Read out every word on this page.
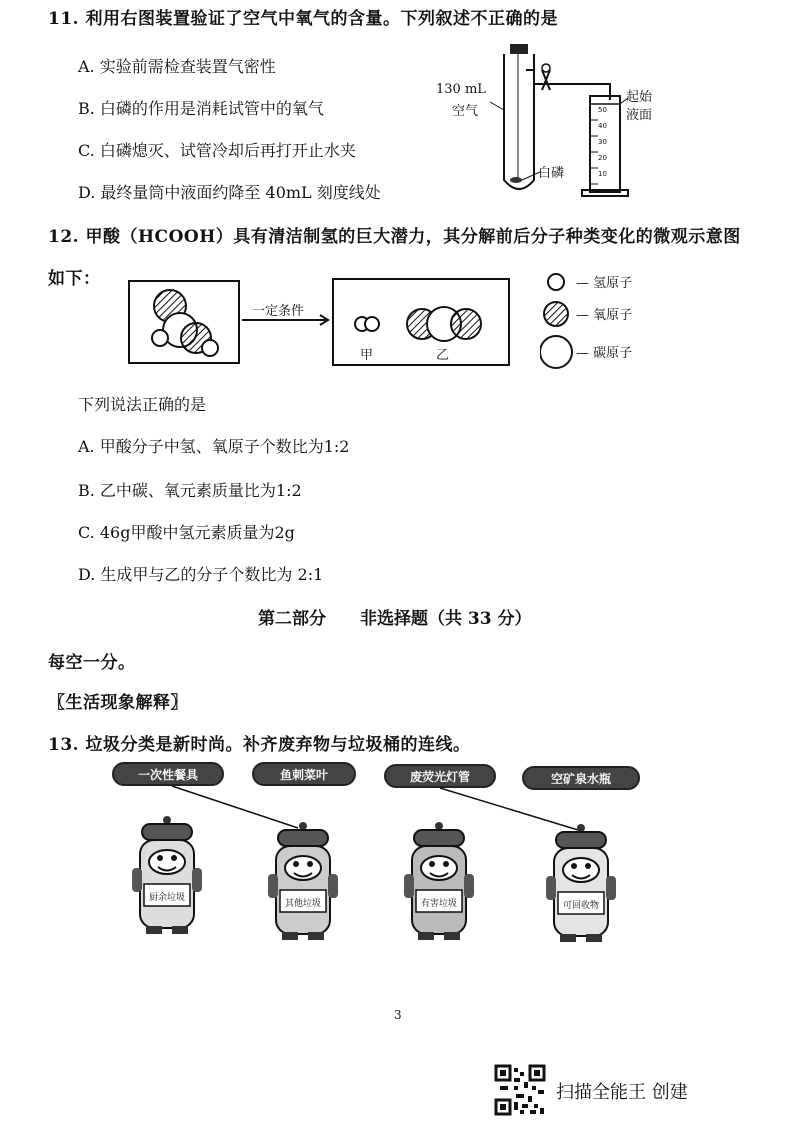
11. 利用右图装置验证了空气中氧气的含量。下列叙述不正确的是
A. 实验前需检查装置气密性
B. 白磷的作用是消耗试管中的氧气
C. 白磷熄灭、试管冷却后再打开止水夹
D. 最终量筒中液面约降至 40mL 刻度线处
130 mL
空气
白磷
起始
液面
50
40
30
20
10
12. 甲酸（HCOOH）具有清洁制氢的巨大潜力，其分解前后分子种类变化的微观示意图
如下：
一定条件
甲	乙
— 氢原子
— 氧原子
— 碳原子
下列说法正确的是
A. 甲酸分子中氢、氧原子个数比为1:2
B. 乙中碳、氧元素质量比为1:2
C. 46g甲酸中氢元素质量为2g
D. 生成甲与乙的分子个数比为 2:1
第二部分　　非选择题（共 33 分）
每空一分。
〖生活现象解释〗
13. 垃圾分类是新时尚。补齐废弃物与垃圾桶的连线。
一次性餐具	鱼刺菜叶	废荧光灯管	空矿泉水瓶
厨余垃圾
其他垃圾	有害垃圾	可回收物
3
扫描全能王 创建
